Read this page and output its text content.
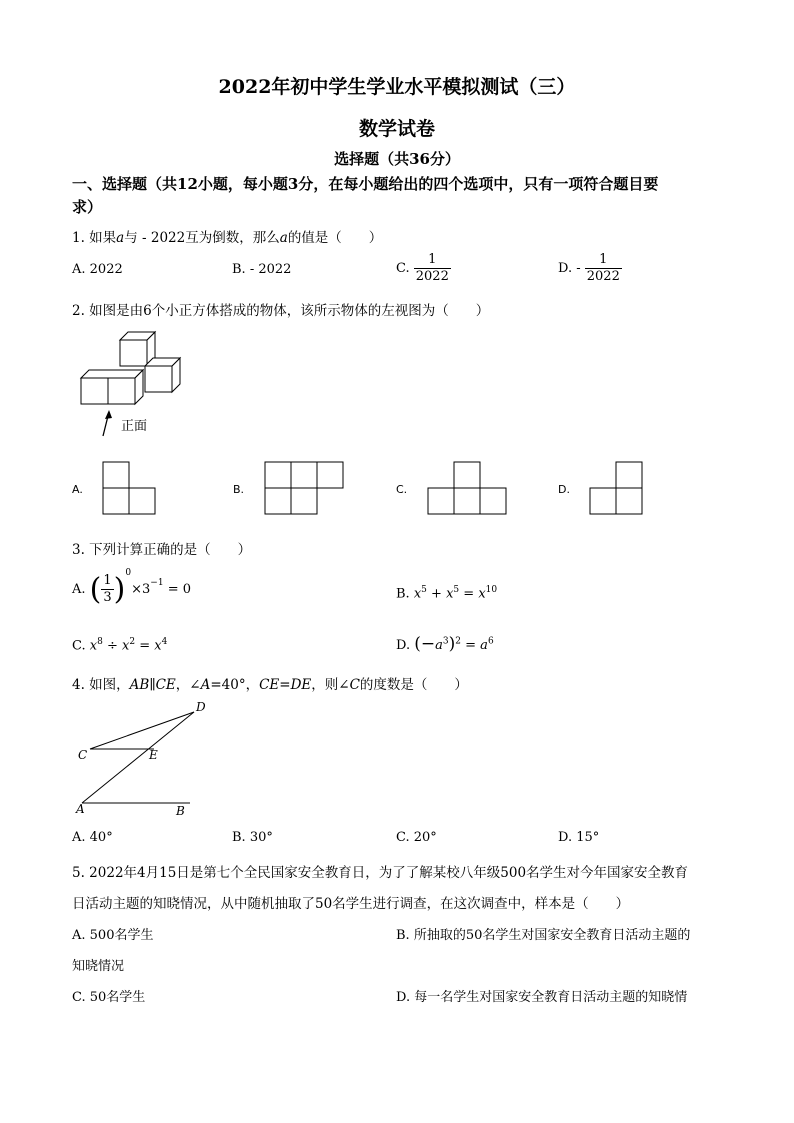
2022年初中学生学业水平模拟测试（三）
数学试卷
选择题（共36分）
一、选择题（共12小题，每小题3分，在每小题给出的四个选项中，只有一项符合题目要
求）
1. 如果a与 - 2022互为倒数，那么a的值是（　　）
A. 2022	B. - 2022	C. $\frac{1}{2022}$	D. - $\frac{1}{2022}$
2. 如图是由6个小正方体搭成的物体，该所示物体的左视图为（　　）
正面
A.	B.	C.	D.
3. 下列计算正确的是（　　）
A. ( $\frac{1}{3} )^0\times 3^{-1} = 0$	B. $x^5 + x^5 = x^{10}$
C. $x^8 \div x^2 = x^4$	D. $(-a^3)^2 = a^6$
4. 如图，AB∥CE，∠A=40°，CE=DE，则∠C的度数是（　　）
D
C	E
A	B
A. 40°	B. 30°	C. 20°	D. 15°
5. 2022年4月15日是第七个全民国家安全教育日，为了了解某校八年级500名学生对今年国家安全教育
日活动主题的知晓情况，从中随机抽取了50名学生进行调查，在这次调查中，样本是（　　）
A. 500名学生	B. 所抽取的50名学生对国家安全教育日活动主题的
知晓情况
C. 50名学生	D. 每一名学生对国家安全教育日活动主题的知晓情
